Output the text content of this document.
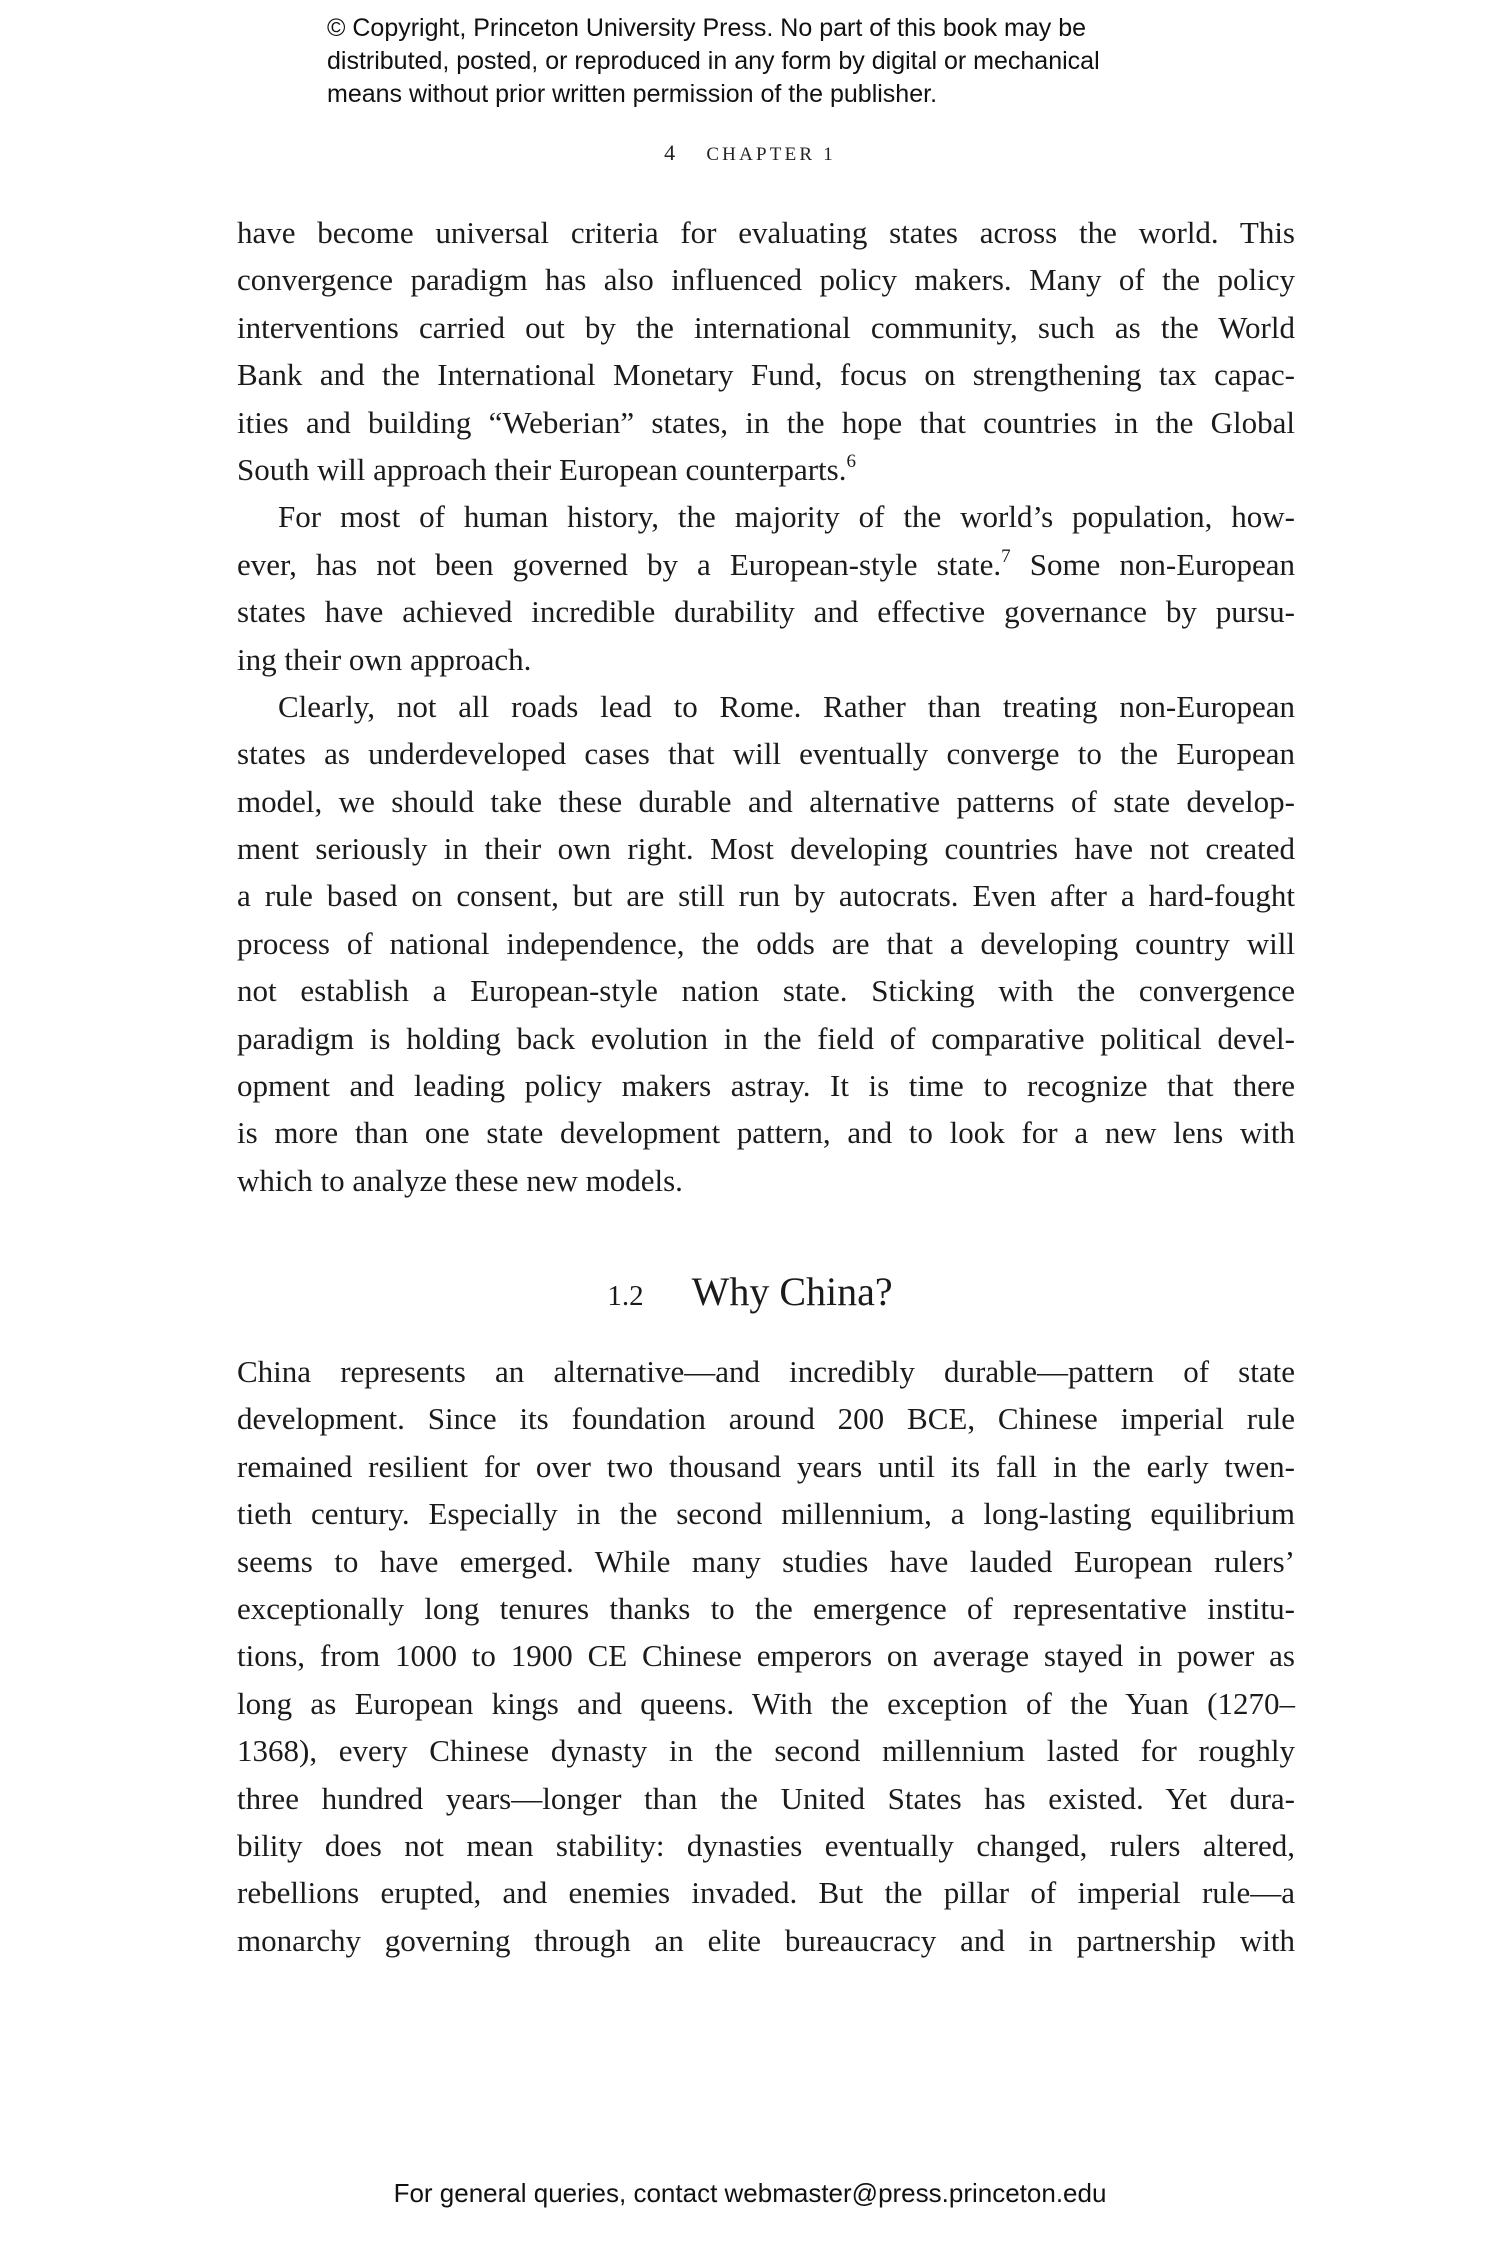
© Copyright, Princeton University Press. No part of this book may be
distributed, posted, or reproduced in any form by digital or mechanical
means without prior written permission of the publisher.
4 CHAPTER 1
have become universal criteria for evaluating states across the world. This
convergence paradigm has also influenced policy makers. Many of the policy
interventions carried out by the international community, such as the World
Bank and the International Monetary Fund, focus on strengthening tax capac-
ities and building “Weberian” states, in the hope that countries in the Global
South will approach their European counterparts.$^6$
For most of human history, the majority of the world’s population, how-
ever, has not been governed by a European-style state.$^7$ Some non-European
states have achieved incredible durability and effective governance by pursu-
ing their own approach.
Clearly, not all roads lead to Rome. Rather than treating non-European
states as underdeveloped cases that will eventually converge to the European
model, we should take these durable and alternative patterns of state develop-
ment seriously in their own right. Most developing countries have not created
a rule based on consent, but are still run by autocrats. Even after a hard-fought
process of national independence, the odds are that a developing country will
not establish a European-style nation state. Sticking with the convergence
paradigm is holding back evolution in the field of comparative political devel-
opment and leading policy makers astray. It is time to recognize that there
is more than one state development pattern, and to look for a new lens with
which to analyze these new models.
1.2 Why China?
China represents an alternative—and incredibly durable—pattern of state
development. Since its foundation around 200 BCE, Chinese imperial rule
remained resilient for over two thousand years until its fall in the early twen-
tieth century. Especially in the second millennium, a long-lasting equilibrium
seems to have emerged. While many studies have lauded European rulers’
exceptionally long tenures thanks to the emergence of representative institu-
tions, from 1000 to 1900 CE Chinese emperors on average stayed in power as
long as European kings and queens. With the exception of the Yuan (1270–
1368), every Chinese dynasty in the second millennium lasted for roughly
three hundred years—longer than the United States has existed. Yet dura-
bility does not mean stability: dynasties eventually changed, rulers altered,
rebellions erupted, and enemies invaded. But the pillar of imperial rule—a
monarchy governing through an elite bureaucracy and in partnership with
For general queries, contact webmaster@press.princeton.edu
